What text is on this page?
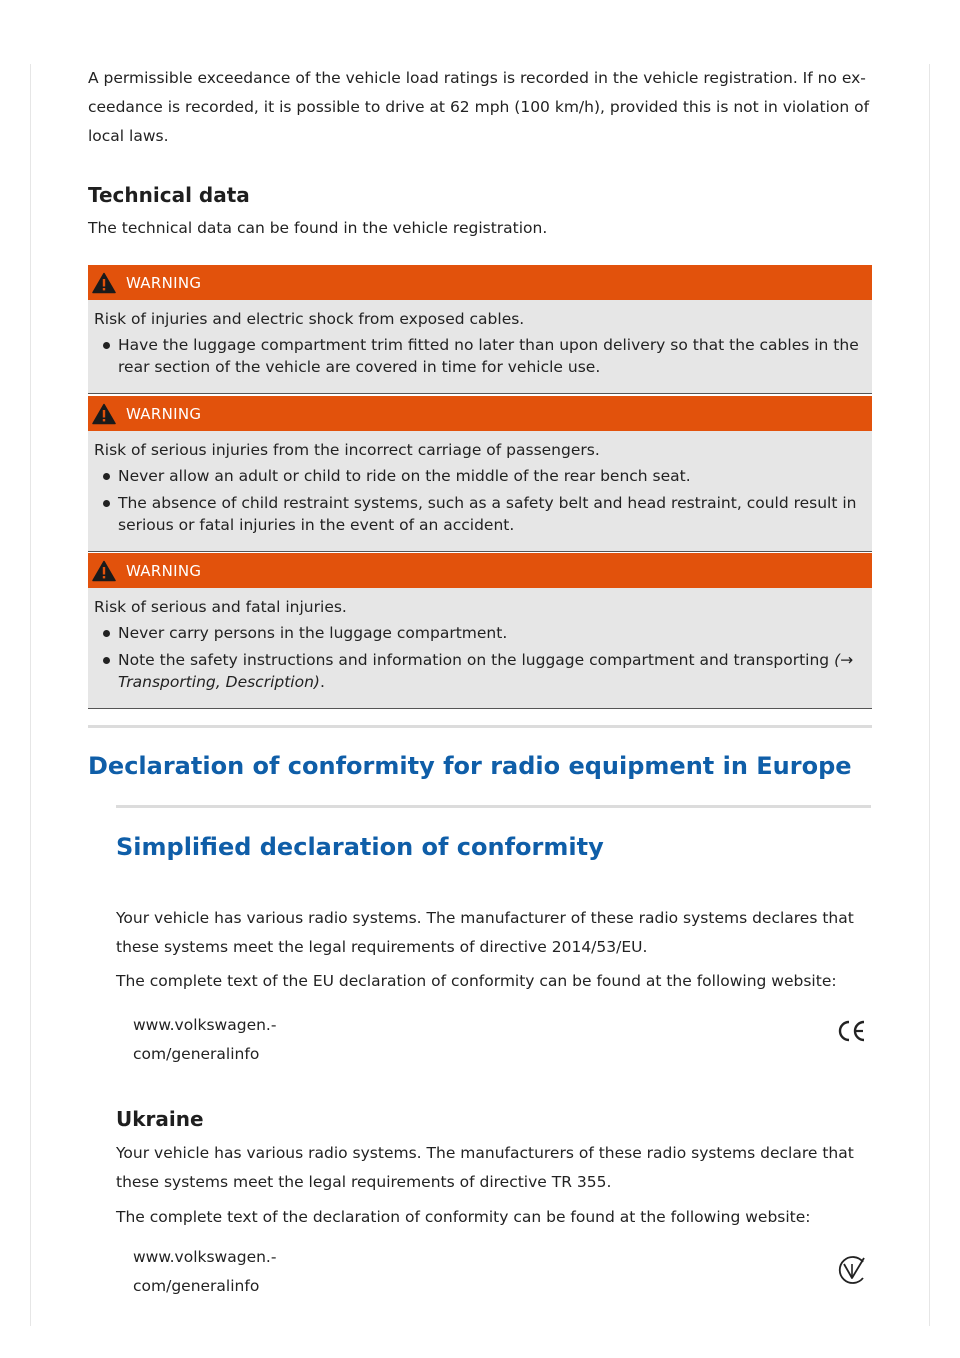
A permissible exceedance of the vehicle load ratings is recorded in the vehicle registration. If no ex-ceedance is recorded, it is possible to drive at 62 mph (100 km/h), provided this is not in violation of local laws.

Technical data

The technical data can be found in the vehicle registration.

WARNING
Risk of injuries and electric shock from exposed cables.
Have the luggage compartment trim fitted no later than upon delivery so that the cables in the rear section of the vehicle are covered in time for vehicle use.
WARNING
Risk of serious injuries from the incorrect carriage of passengers.
Never allow an adult or child to ride on the middle of the rear bench seat.
The absence of child restraint systems, such as a safety belt and head restraint, could result in serious or fatal injuries in the event of an accident.
WARNING
Risk of serious and fatal injuries.
Never carry persons in the luggage compartment.
Note the safety instructions and information on the luggage compartment and transporting (→ Transporting, Description).
Declaration of conformity for radio equipment in Europe
Simplified declaration of conformity

Your vehicle has various radio systems. The manufacturer of these radio systems declares that these systems meet the legal requirements of directive 2014/53/EU.

The complete text of the EU declaration of conformity can be found at the following website:

www.volkswagen.-
com/generalinfo

Ukraine

Your vehicle has various radio systems. The manufacturers of these radio systems declare that these systems meet the legal requirements of directive TR 355.

The complete text of the declaration of conformity can be found at the following website:

www.volkswagen.-
com/generalinfo
